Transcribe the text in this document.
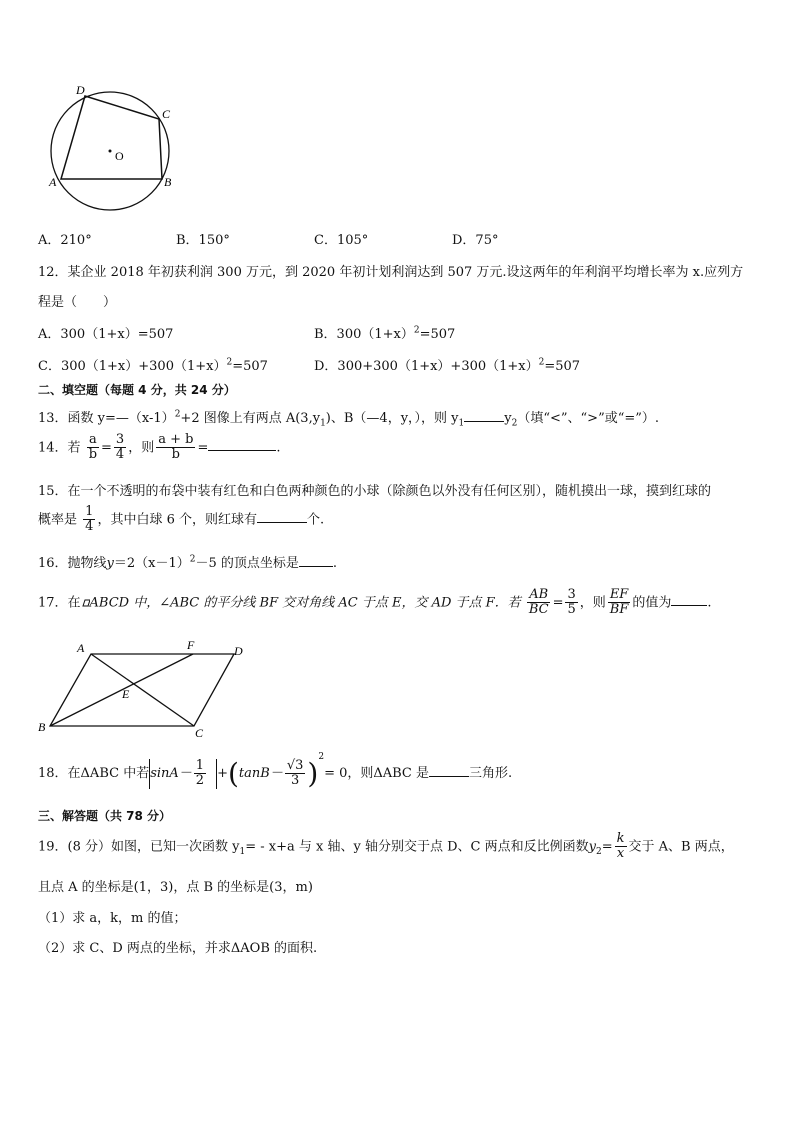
D
C
O
A	B
A．210°	B．150°	C．105°	D．75°
12．某企业 2018 年初获利润 300 万元，到 2020 年初计划利润达到 507 万元.设这两年的年利润平均增长率为 x.应列方
程是（　　）
A．300（1+x）=507	B．$300(1+x)^2=507$
C．$300(1+x)+300(1+x)^2=507$	D．$300+300(1+x)+300(1+x)^2=507$
二、填空题（每题 4 分，共 24 分）
13．函数 $y=—(x-1)^2+2$ 图像上有两点 $A(3,y_1)$、B（—4，y，），则 $y_1$	$y_2$（填“<”、“>”或“=”）.
14．若 $\frac{a}{b} = \frac{3}{4}$ ，则 $\frac{a + b}{b}$ =	.
15．在一个不透明的布袋中装有红色和白色两种颜色的小球（除颜色以外没有任何区别），随机摸出一球，摸到红球的
概率是 $\frac{1}{4}$ ，其中白球 6 个，则红球有	个.
16．抛物线$y=2(x-1)^2-5$ 的顶点坐标是	.
17．在 ABCD 中，∠ABC 的平分线 BF 交对角线 AC 于点 E，交 AD 于点 F．若 $\frac{AB}{BC} = \frac{3}{5}$ ，则 $\frac{EF}{BF}$ 的值为	.
A	F	D
E
B	C
18．在ΔABC 中若$\sin A- \frac{1}{2} +(\tan B- \frac{√3}{3} )^2= 0$，则ΔABC 是	三角形.
三、解答题（共 78 分）
19．(8 分）如图，已知一次函数 $y_1= - x+a$ 与 x 轴、y 轴分别交于点 D、C 两点和反比例函数$y_2= \frac{k}{x}$ 交于 A、B 两点，
且点 A 的坐标是(1，3)，点 B 的坐标是(3，m)
（1）求 a，k，m 的值；
（2）求 C、D 两点的坐标，并求ΔAOB 的面积.
